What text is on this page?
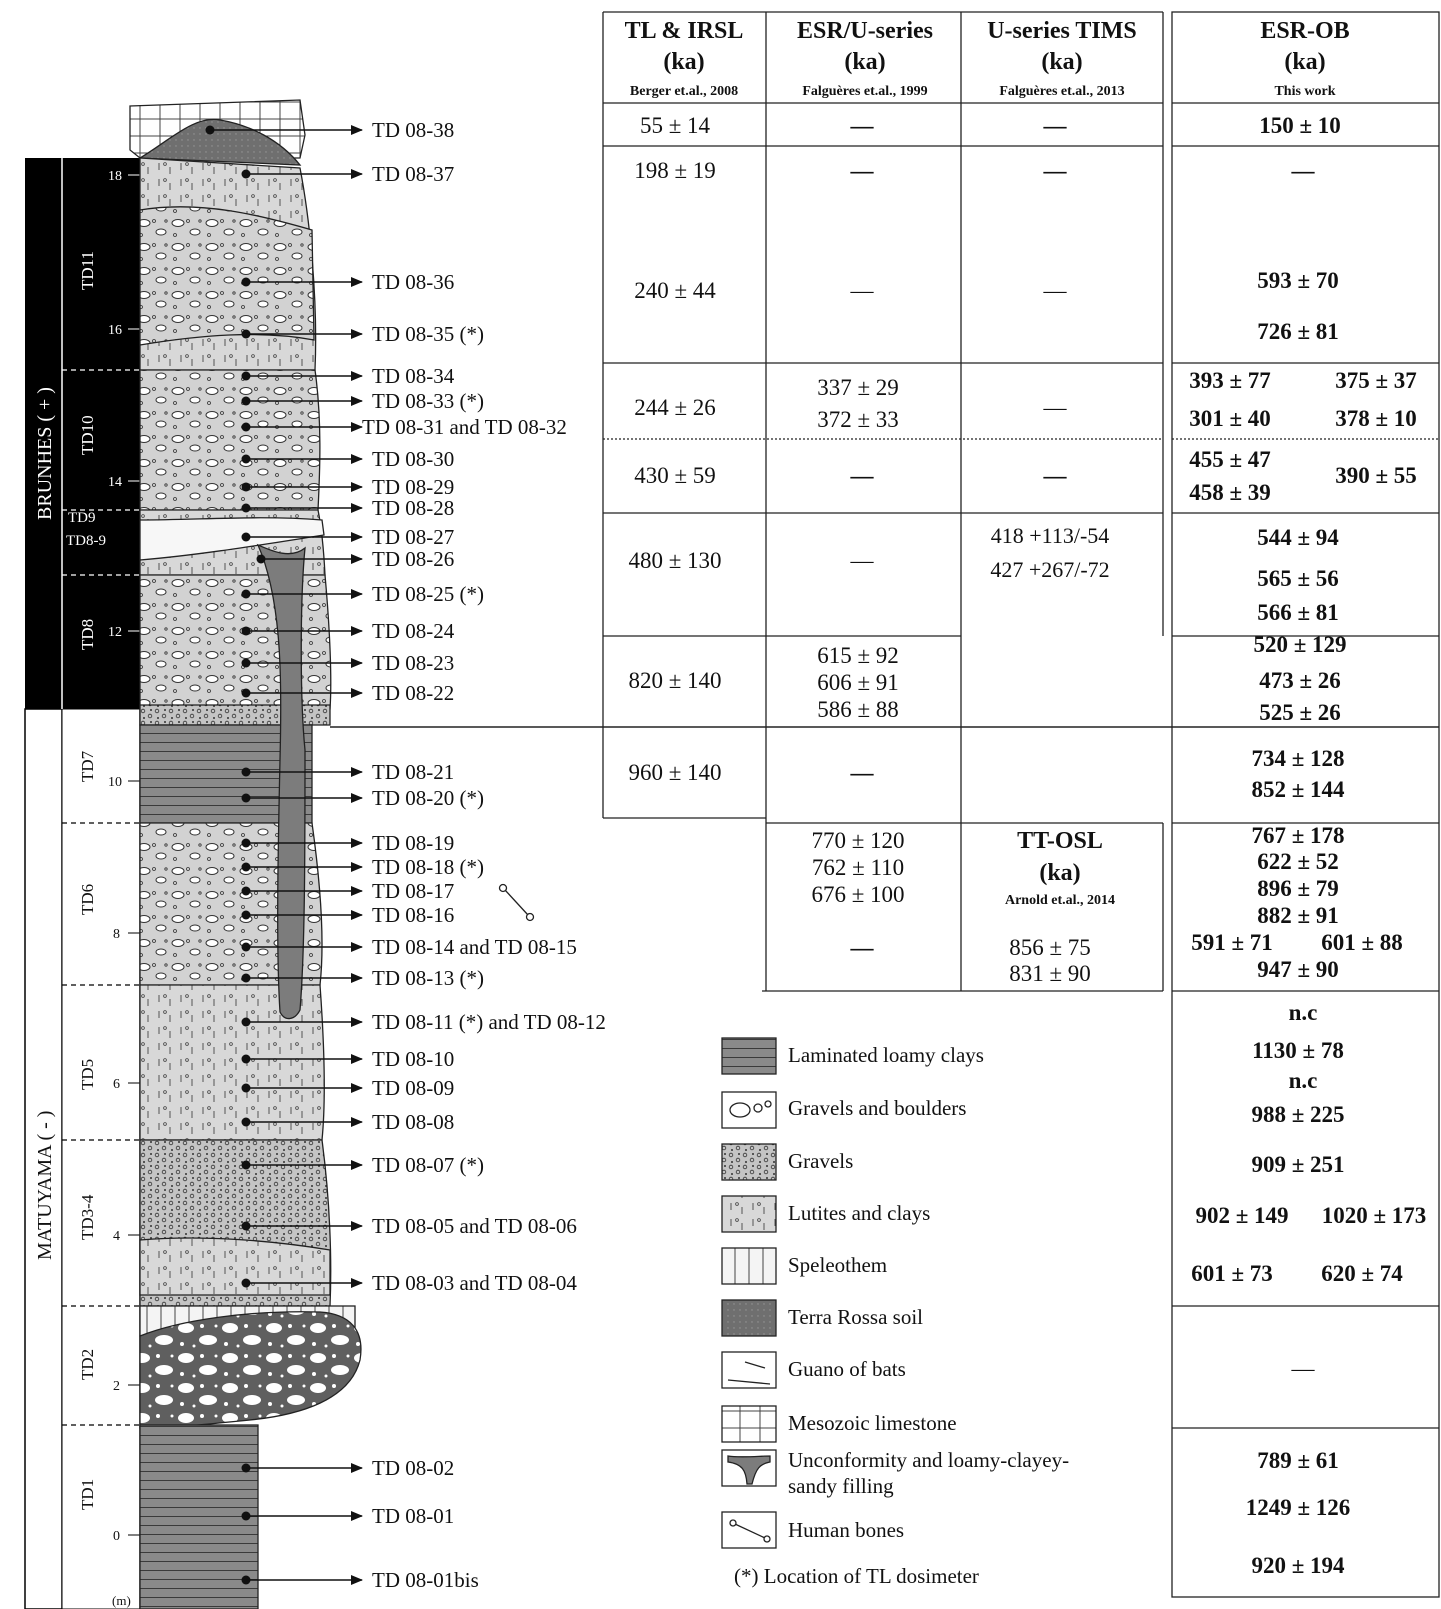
BRUNHES ( + )
MATUYAMA ( - )
TD11
TD10
TD9
TD8-9
TD8
TD7
TD6
TD5
TD3-4
TD2
TD1
18
16
14
12
10
8
6
4
2
0
(m)
TD 08-38
TD 08-37
TD 08-36
TD 08-35 (*)
TD 08-34
TD 08-33 (*)
TD 08-31 and TD 08-32
TD 08-30
TD 08-29
TD 08-28
TD 08-27
TD 08-26
TD 08-25 (*)
TD 08-24
TD 08-23
TD 08-22
TD 08-21
TD 08-20 (*)
TD 08-19
TD 08-18 (*)
TD 08-17
TD 08-16
TD 08-14 and TD 08-15
TD 08-13 (*)
TD 08-11 (*) and TD 08-12
TD 08-10
TD 08-09
TD 08-08
TD 08-07 (*)
TD 08-05 and TD 08-06
TD 08-03 and TD 08-04
TD 08-02
TD 08-01
TD 08-01bis
TL & IRSL
(ka)
Berger et.al., 2008
ESR/U-series
(ka)
Falguères et.al., 1999
U-series TIMS
(ka)
Falguères et.al., 2013
ESR-OB
(ka)
This work
TT-OSL
(ka)
Arnold et.al., 2014
55 ± 14
198 ± 19
240 ± 44
244 ± 26
430 ± 59
480 ± 130
820 ± 140
960 ± 140
—
—
—
337 ± 29
372 ± 33
—
—
615 ± 92
606 ± 91
586 ± 88
—
770 ± 120
762 ± 110
676 ± 100
—
—
—
—
—
—
418 +113/-54
427 +267/-72
856 ± 75
831 ± 90
150 ± 10
—
593 ± 70
726 ± 81
393 ± 77	375 ± 37
301 ± 40	378 ± 10
455 ± 47
458 ± 39
390 ± 55
544 ± 94
565 ± 56
566 ± 81
520 ± 129
473 ± 26
525 ± 26
734 ± 128
852 ± 144
767 ± 178
622 ± 52
896 ± 79
882 ± 91
591 ± 71 601 ± 88
947 ± 90
n.c
1130 ± 78
n.c
988 ± 225
909 ± 251
902 ± 149 1020 ± 173
601 ± 73 620 ± 74
—
789 ± 61
1249 ± 126
920 ± 194
Laminated loamy clays
Gravels and boulders
Gravels
Lutites and clays
Speleothem
Terra Rossa soil
Guano of bats
Mesozoic limestone
Unconformity and loamy-clayey-
sandy filling
Human bones
(*) Location of TL dosimeter
